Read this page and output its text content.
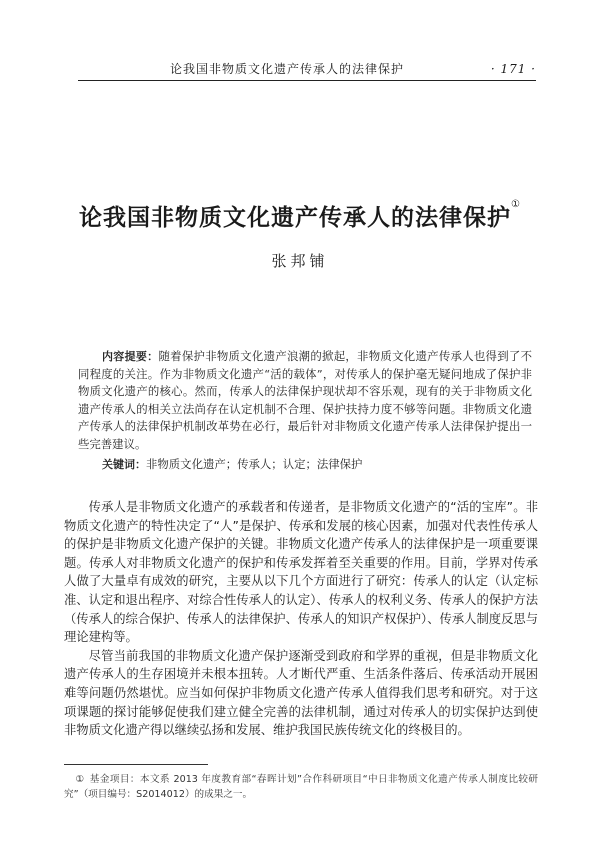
论我国非物质文化遗产传承人的法律保护	· 171 ·
论我国非物质文化遗产传承人的法律保护①
张邦铺

内容提要：随着保护非物质文化遗产浪潮的掀起，非物质文化遗产传承人也得到了不同程度的关注。作为非物质文化遗产“活的载体”，对传承人的保护毫无疑问地成了保护非物质文化遗产的核心。然而，传承人的法律保护现状却不容乐观，现有的关于非物质文化遗产传承人的相关立法尚存在认定机制不合理、保护扶持力度不够等问题。非物质文化遗产传承人的法律保护机制改革势在必行，最后针对非物质文化遗产传承人法律保护提出一些完善建议。

关键词：非物质文化遗产；传承人；认定；法律保护

传承人是非物质文化遗产的承载者和传递者，是非物质文化遗产的“活的宝库”。非物质文化遗产的特性决定了“人”是保护、传承和发展的核心因素，加强对代表性传承人的保护是非物质文化遗产保护的关键。非物质文化遗产传承人的法律保护是一项重要课题。传承人对非物质文化遗产的保护和传承发挥着至关重要的作用。目前，学界对传承人做了大量卓有成效的研究，主要从以下几个方面进行了研究：传承人的认定（认定标准、认定和退出程序、对综合性传承人的认定）、传承人的权利义务、传承人的保护方法（传承人的综合保护、传承人的法律保护、传承人的知识产权保护）、传承人制度反思与理论建构等。

尽管当前我国的非物质文化遗产保护逐渐受到政府和学界的重视，但是非物质文化遗产传承人的生存困境并未根本扭转。人才断代严重、生活条件落后、传承活动开展困难等问题仍然堪忧。应当如何保护非物质文化遗产传承人值得我们思考和研究。对于这项课题的探讨能够促使我们建立健全完善的法律机制，通过对传承人的切实保护达到使非物质文化遗产得以继续弘扬和发展、维护我国民族传统文化的终极目的。

①  基金项目：本文系 2013 年度教育部“春晖计划”合作科研项目“中日非物质文化遗产传承人制度比较研究”（项目编号：S2014012）的成果之一。
